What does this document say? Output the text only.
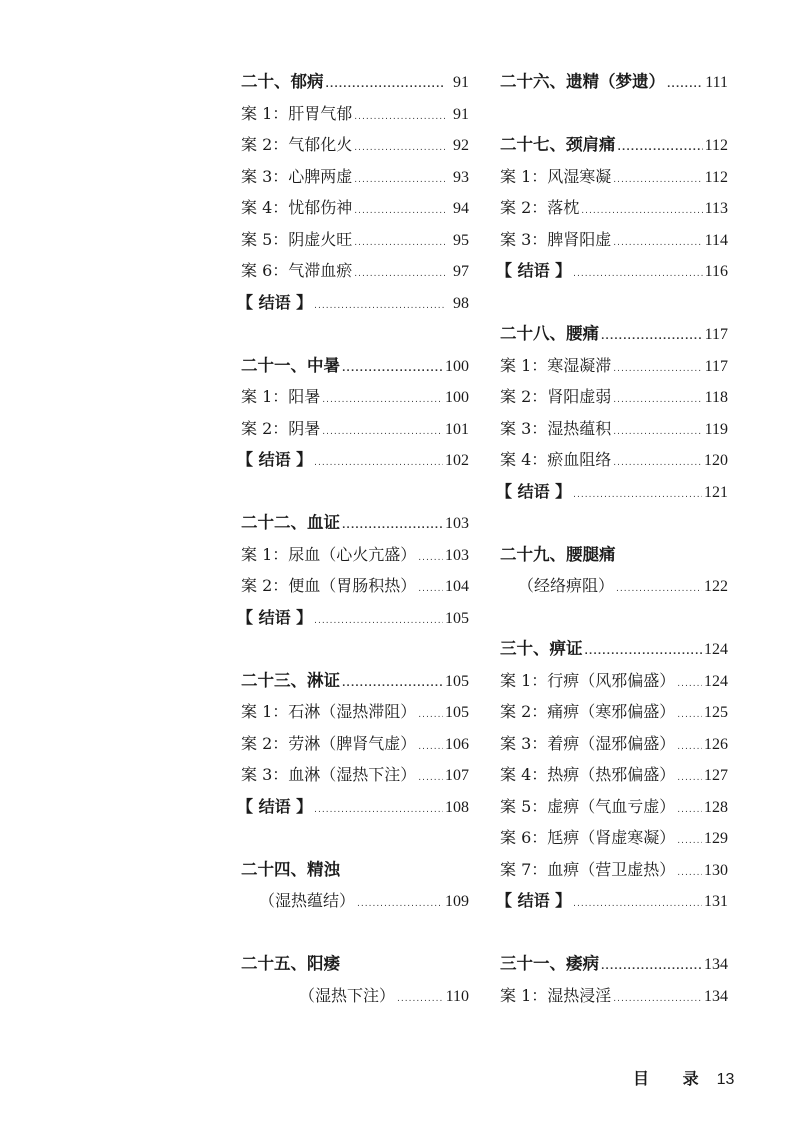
二十、郁病 .....	91
案 1：肝胃气郁 .....	91
案 2：气郁化火 .....	92
案 3：心脾两虚 .....	93
案 4：忧郁伤神 .....	94
案 5：阴虚火旺 .....	95
案 6：气滞血瘀 .....	97
【 结语 】 .....	98
二十一、中暑 .....	100
案 1：阳暑 .....	100
案 2：阴暑 .....	101
【 结语 】 .....	102
二十二、血证 .....	103
案 1：尿血（心火亢盛） ..... 103
案 2：便血（胃肠积热） ..... 104
【 结语 】 .....	105
二十三、淋证 .....	105
案 1：石淋（湿热滞阻） ..... 105
案 2：劳淋（脾肾气虚） ..... 106
案 3：血淋（湿热下注） ..... 107
【 结语 】 .....	108
二十四、精浊
（湿热蕴结） .....	109
二十五、阳痿
（湿热下注） .....	110
二十六、遗精（梦遗） .....	111
二十七、颈肩痛 .....	112
案 1：风湿寒凝 .....	112
案 2：落枕 .....	113
案 3：脾肾阳虚 .....	114
【 结语 】 .....	116
二十八、腰痛 .....	117
案 1：寒湿凝滞 .....	117
案 2：肾阳虚弱 .....	118
案 3：湿热蕴积 .....	119
案 4：瘀血阻络 .....	120
【 结语 】 .....	121
二十九、腰腿痛
（经络痹阻） .....	122
三十、痹证 .....	124
案 1：行痹（风邪偏盛） ..... 124
案 2：痛痹（寒邪偏盛） ..... 125
案 3：着痹（湿邪偏盛） ..... 126
案 4：热痹（热邪偏盛） ..... 127
案 5：虚痹（气血亏虚） ..... 128
案 6：尪痹（肾虚寒凝） ..... 129
案 7：血痹（营卫虚热） ..... 130
【 结语 】 .....	131
三十一、痿病 .....	134
案 1：湿热浸淫 .....	134
目 录 13
